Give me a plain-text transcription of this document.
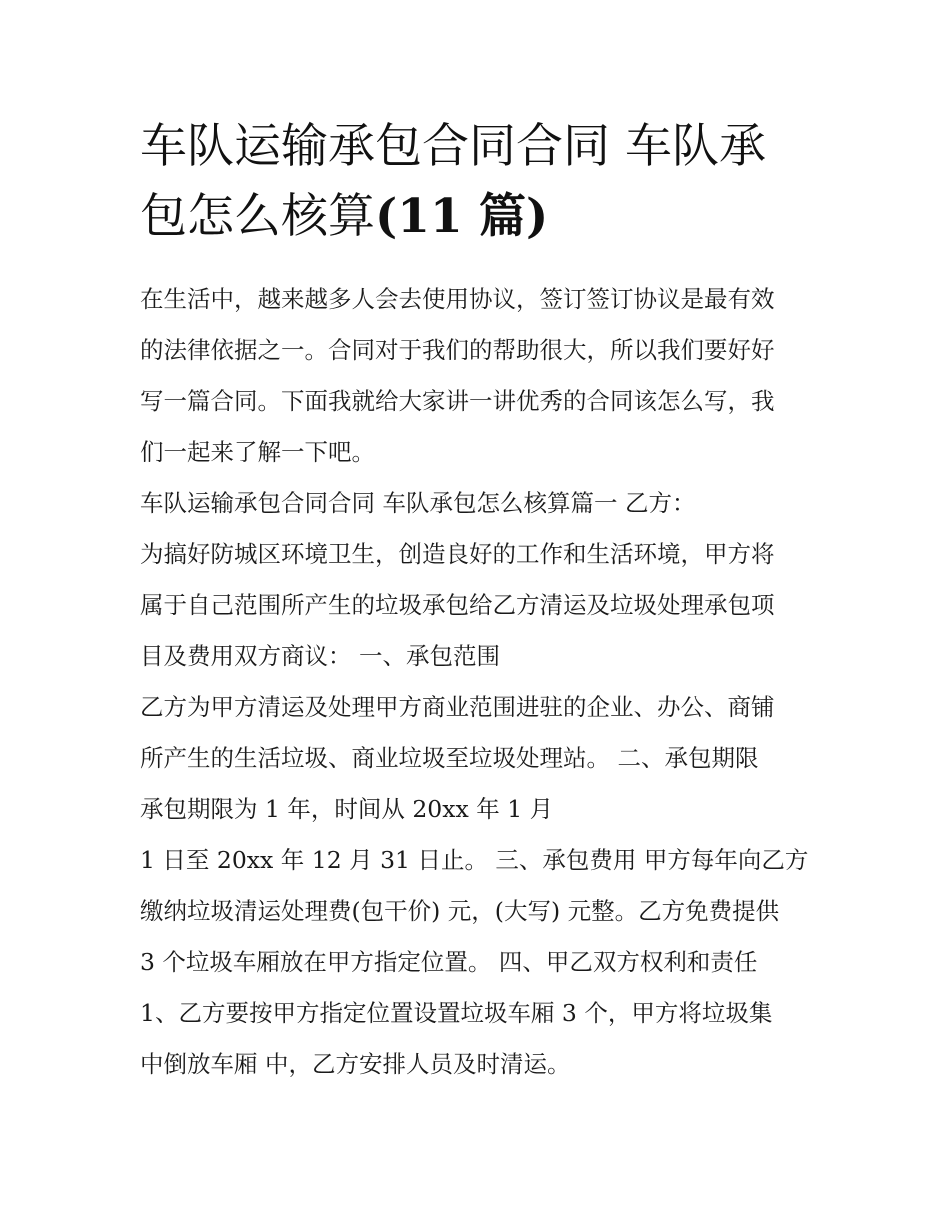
车队运输承包合同合同 车队承
包怎么核算(11 篇)
在生活中，越来越多人会去使用协议，签订签订协议是最有效
的法律依据之一。合同对于我们的帮助很大，所以我们要好好
写一篇合同。下面我就给大家讲一讲优秀的合同该怎么写，我
们一起来了解一下吧。
车队运输承包合同合同 车队承包怎么核算篇一 乙方：
为搞好防城区环境卫生，创造良好的工作和生活环境，甲方将
属于自己范围所产生的垃圾承包给乙方清运及垃圾处理承包项
目及费用双方商议： 一、承包范围
乙方为甲方清运及处理甲方商业范围进驻的企业、办公、商铺
所产生的生活垃圾、商业垃圾至垃圾处理站。 二、承包期限
承包期限为 1 年，时间从 20xx 年 1 月
1 日至 20xx 年 12 月 31 日止。 三、承包费用 甲方每年向乙方
缴纳垃圾清运处理费(包干价) 元，(大写) 元整。乙方免费提供
3 个垃圾车厢放在甲方指定位置。 四、甲乙双方权利和责任
1、乙方要按甲方指定位置设置垃圾车厢 3 个，甲方将垃圾集
中倒放车厢 中，乙方安排人员及时清运。
